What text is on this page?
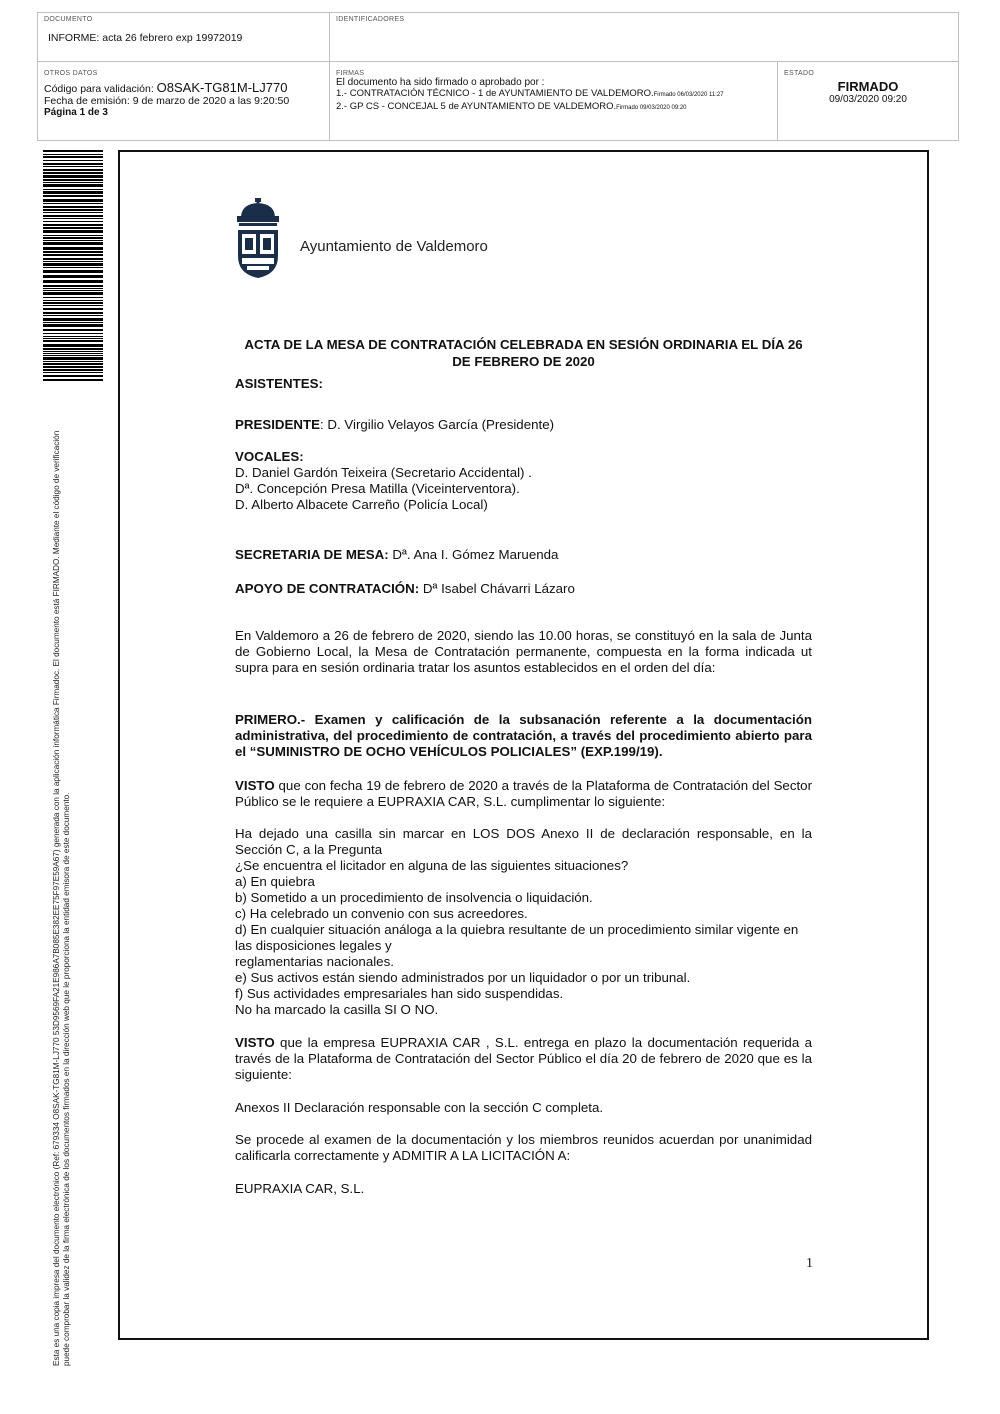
DOCUMENTO
INFORME: acta 26 febrero exp 19972019
IDENTIFICADORES
OTROS DATOS
Código para validación: O8SAK-TG81M-LJ770
Fecha de emisión: 9 de marzo de 2020 a las 9:20:50
Página 1 de 3
FIRMAS
El documento ha sido firmado o aprobado por :
1.- CONTRATACIÓN TÉCNICO - 1 de AYUNTAMIENTO DE VALDEMORO.Firmado 06/03/2020 11:27
2.- GP CS - CONCEJAL 5 de AYUNTAMIENTO DE VALDEMORO.Firmado 09/03/2020 09:20
ESTADO
FIRMADO
09/03/2020 09:20
Esta es una copia impresa del documento electrónico (Ref: 679334 O8SAK-TG81M-LJ770 53D9569FA21E986A7B085E382EE75F97E59A67) generada con la aplicación informática Firmadoc. El documento está FIRMADO. Mediante el código de verificación puede comprobar la validez de la firma electrónica de los documentos firmados en la dirección web que le proporciona la entidad emisora de este documento.
Ayuntamiento de Valdemoro
ACTA DE LA MESA DE CONTRATACIÓN CELEBRADA EN SESIÓN ORDINARIA EL DÍA 26
DE FEBRERO DE 2020
ASISTENTES:
PRESIDENTE: D. Virgilio Velayos García (Presidente)
VOCALES:
D. Daniel Gardón Teixeira (Secretario Accidental) .
Dª. Concepción Presa Matilla (Viceinterventora).
D. Alberto Albacete Carreño (Policía Local)
SECRETARIA DE MESA: Dª. Ana I. Gómez Maruenda
APOYO DE CONTRATACIÓN: Dª Isabel Chávarri Lázaro
En Valdemoro a 26 de febrero de 2020, siendo las 10.00 horas, se constituyó en la sala de Junta de Gobierno Local, la Mesa de Contratación permanente, compuesta en la forma indicada ut supra para en sesión ordinaria tratar los asuntos establecidos en el orden del día:
PRIMERO.- Examen y calificación de la subsanación referente a la documentación administrativa, del procedimiento de contratación, a través del procedimiento abierto para el “SUMINISTRO DE OCHO VEHÍCULOS POLICIALES” (EXP.199/19).
VISTO que con fecha 19 de febrero de 2020 a través de la Plataforma de Contratación del Sector Público se le requiere a EUPRAXIA CAR, S.L. cumplimentar lo siguiente:
Ha dejado una casilla sin marcar en LOS DOS Anexo II de declaración responsable, en la Sección C, a la Pregunta
¿Se encuentra el licitador en alguna de las siguientes situaciones?
a) En quiebra
b) Sometido a un procedimiento de insolvencia o liquidación.
c) Ha celebrado un convenio con sus acreedores.
d) En cualquier situación análoga a la quiebra resultante de un procedimiento similar vigente en las disposiciones legales y
reglamentarias nacionales.
e) Sus activos están siendo administrados por un liquidador o por un tribunal.
f) Sus actividades empresariales han sido suspendidas.
No ha marcado la casilla SI O NO.
VISTO que la empresa EUPRAXIA CAR , S.L. entrega en plazo la documentación requerida a través de la Plataforma de Contratación del Sector Público el día 20 de febrero de 2020 que es la siguiente:
Anexos II Declaración responsable con la sección C completa.
Se procede al examen de la documentación y los miembros reunidos acuerdan por unanimidad calificarla correctamente y ADMITIR A LA LICITACIÓN A:
EUPRAXIA CAR, S.L.
1
